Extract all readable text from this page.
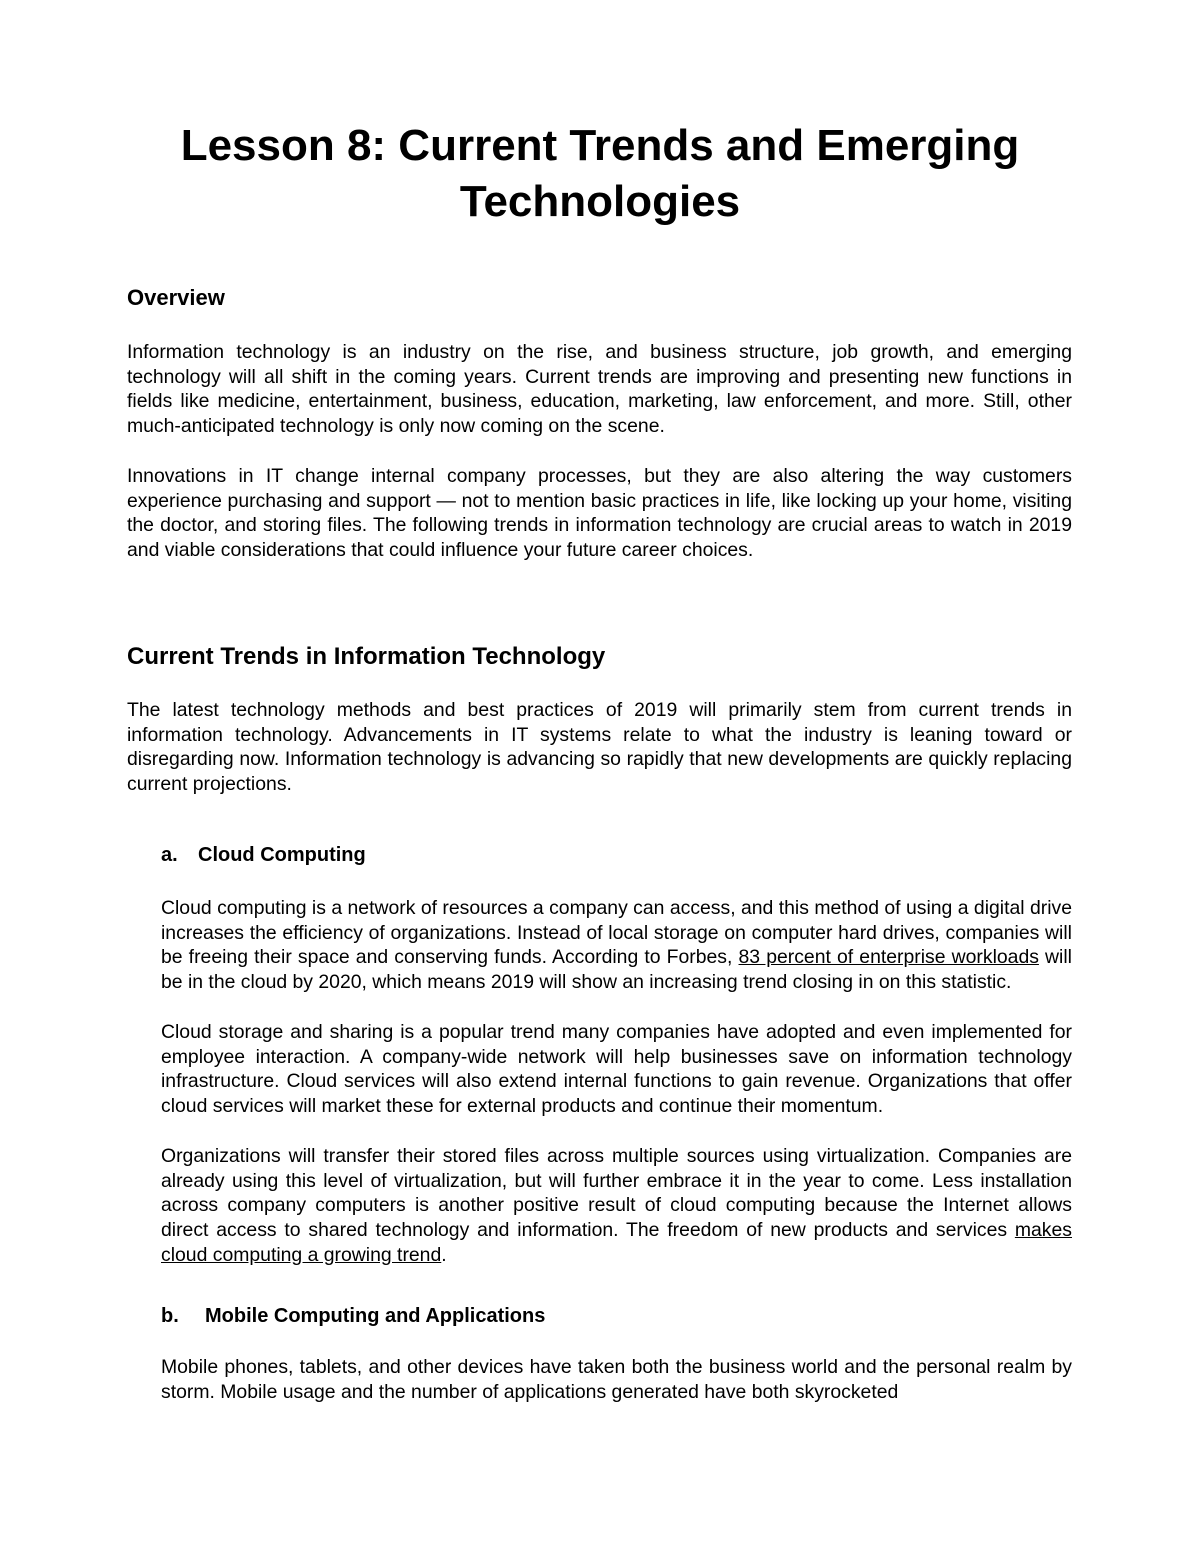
Lesson 8: Current Trends and Emerging Technologies
Overview

Information technology is an industry on the rise, and business structure, job growth, and emerging technology will all shift in the coming years. Current trends are improving and presenting new functions in fields like medicine, entertainment, business, education, marketing, law enforcement, and more. Still, other much-anticipated technology is only now coming on the scene.

Innovations in IT change internal company processes, but they are also altering the way customers experience purchasing and support — not to mention basic practices in life, like locking up your home, visiting the doctor, and storing files. The following trends in information technology are crucial areas to watch in 2019 and viable considerations that could influence your future career choices.

Current Trends in Information Technology

The latest technology methods and best practices of 2019 will primarily stem from current trends in information technology. Advancements in IT systems relate to what the industry is leaning toward or disregarding now. Information technology is advancing so rapidly that new developments are quickly replacing current projections.

a. Cloud Computing

Cloud computing is a network of resources a company can access, and this method of using a digital drive increases the efficiency of organizations. Instead of local storage on computer hard drives, companies will be freeing their space and conserving funds. According to Forbes, 83 percent of enterprise workloads will be in the cloud by 2020, which means 2019 will show an increasing trend closing in on this statistic.

Cloud storage and sharing is a popular trend many companies have adopted and even implemented for employee interaction. A company-wide network will help businesses save on information technology infrastructure. Cloud services will also extend internal functions to gain revenue. Organizations that offer cloud services will market these for external products and continue their momentum.

Organizations will transfer their stored files across multiple sources using virtualization. Companies are already using this level of virtualization, but will further embrace it in the year to come. Less installation across company computers is another positive result of cloud computing because the Internet allows direct access to shared technology and information. The freedom of new products and services makes cloud computing a growing trend.

b. Mobile Computing and Applications

Mobile phones, tablets, and other devices have taken both the business world and the personal realm by storm. Mobile usage and the number of applications generated have both skyrocketed
